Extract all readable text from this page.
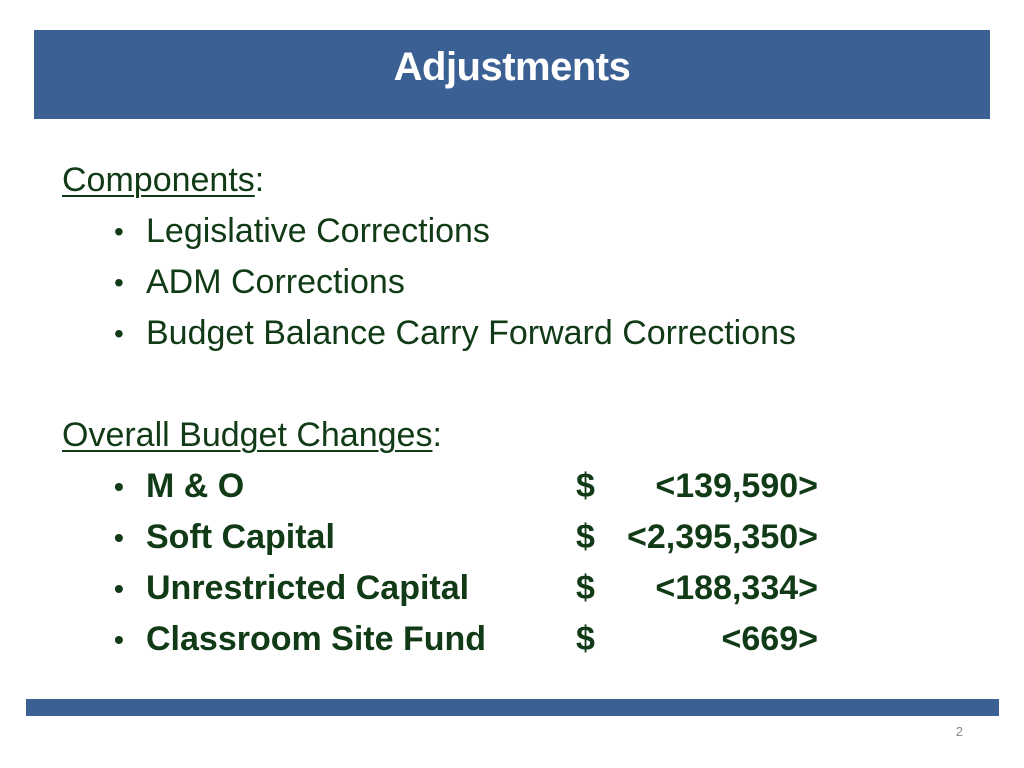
Adjustments

Components:

• Legislative Corrections
• ADM Corrections
• Budget Balance Carry Forward Corrections

Overall Budget Changes:

• M & O	$ <139,590>
• Soft Capital	$ <2,395,350>
• Unrestricted Capital	$ <188,334>
• Classroom Site Fund	$	<669>
2
